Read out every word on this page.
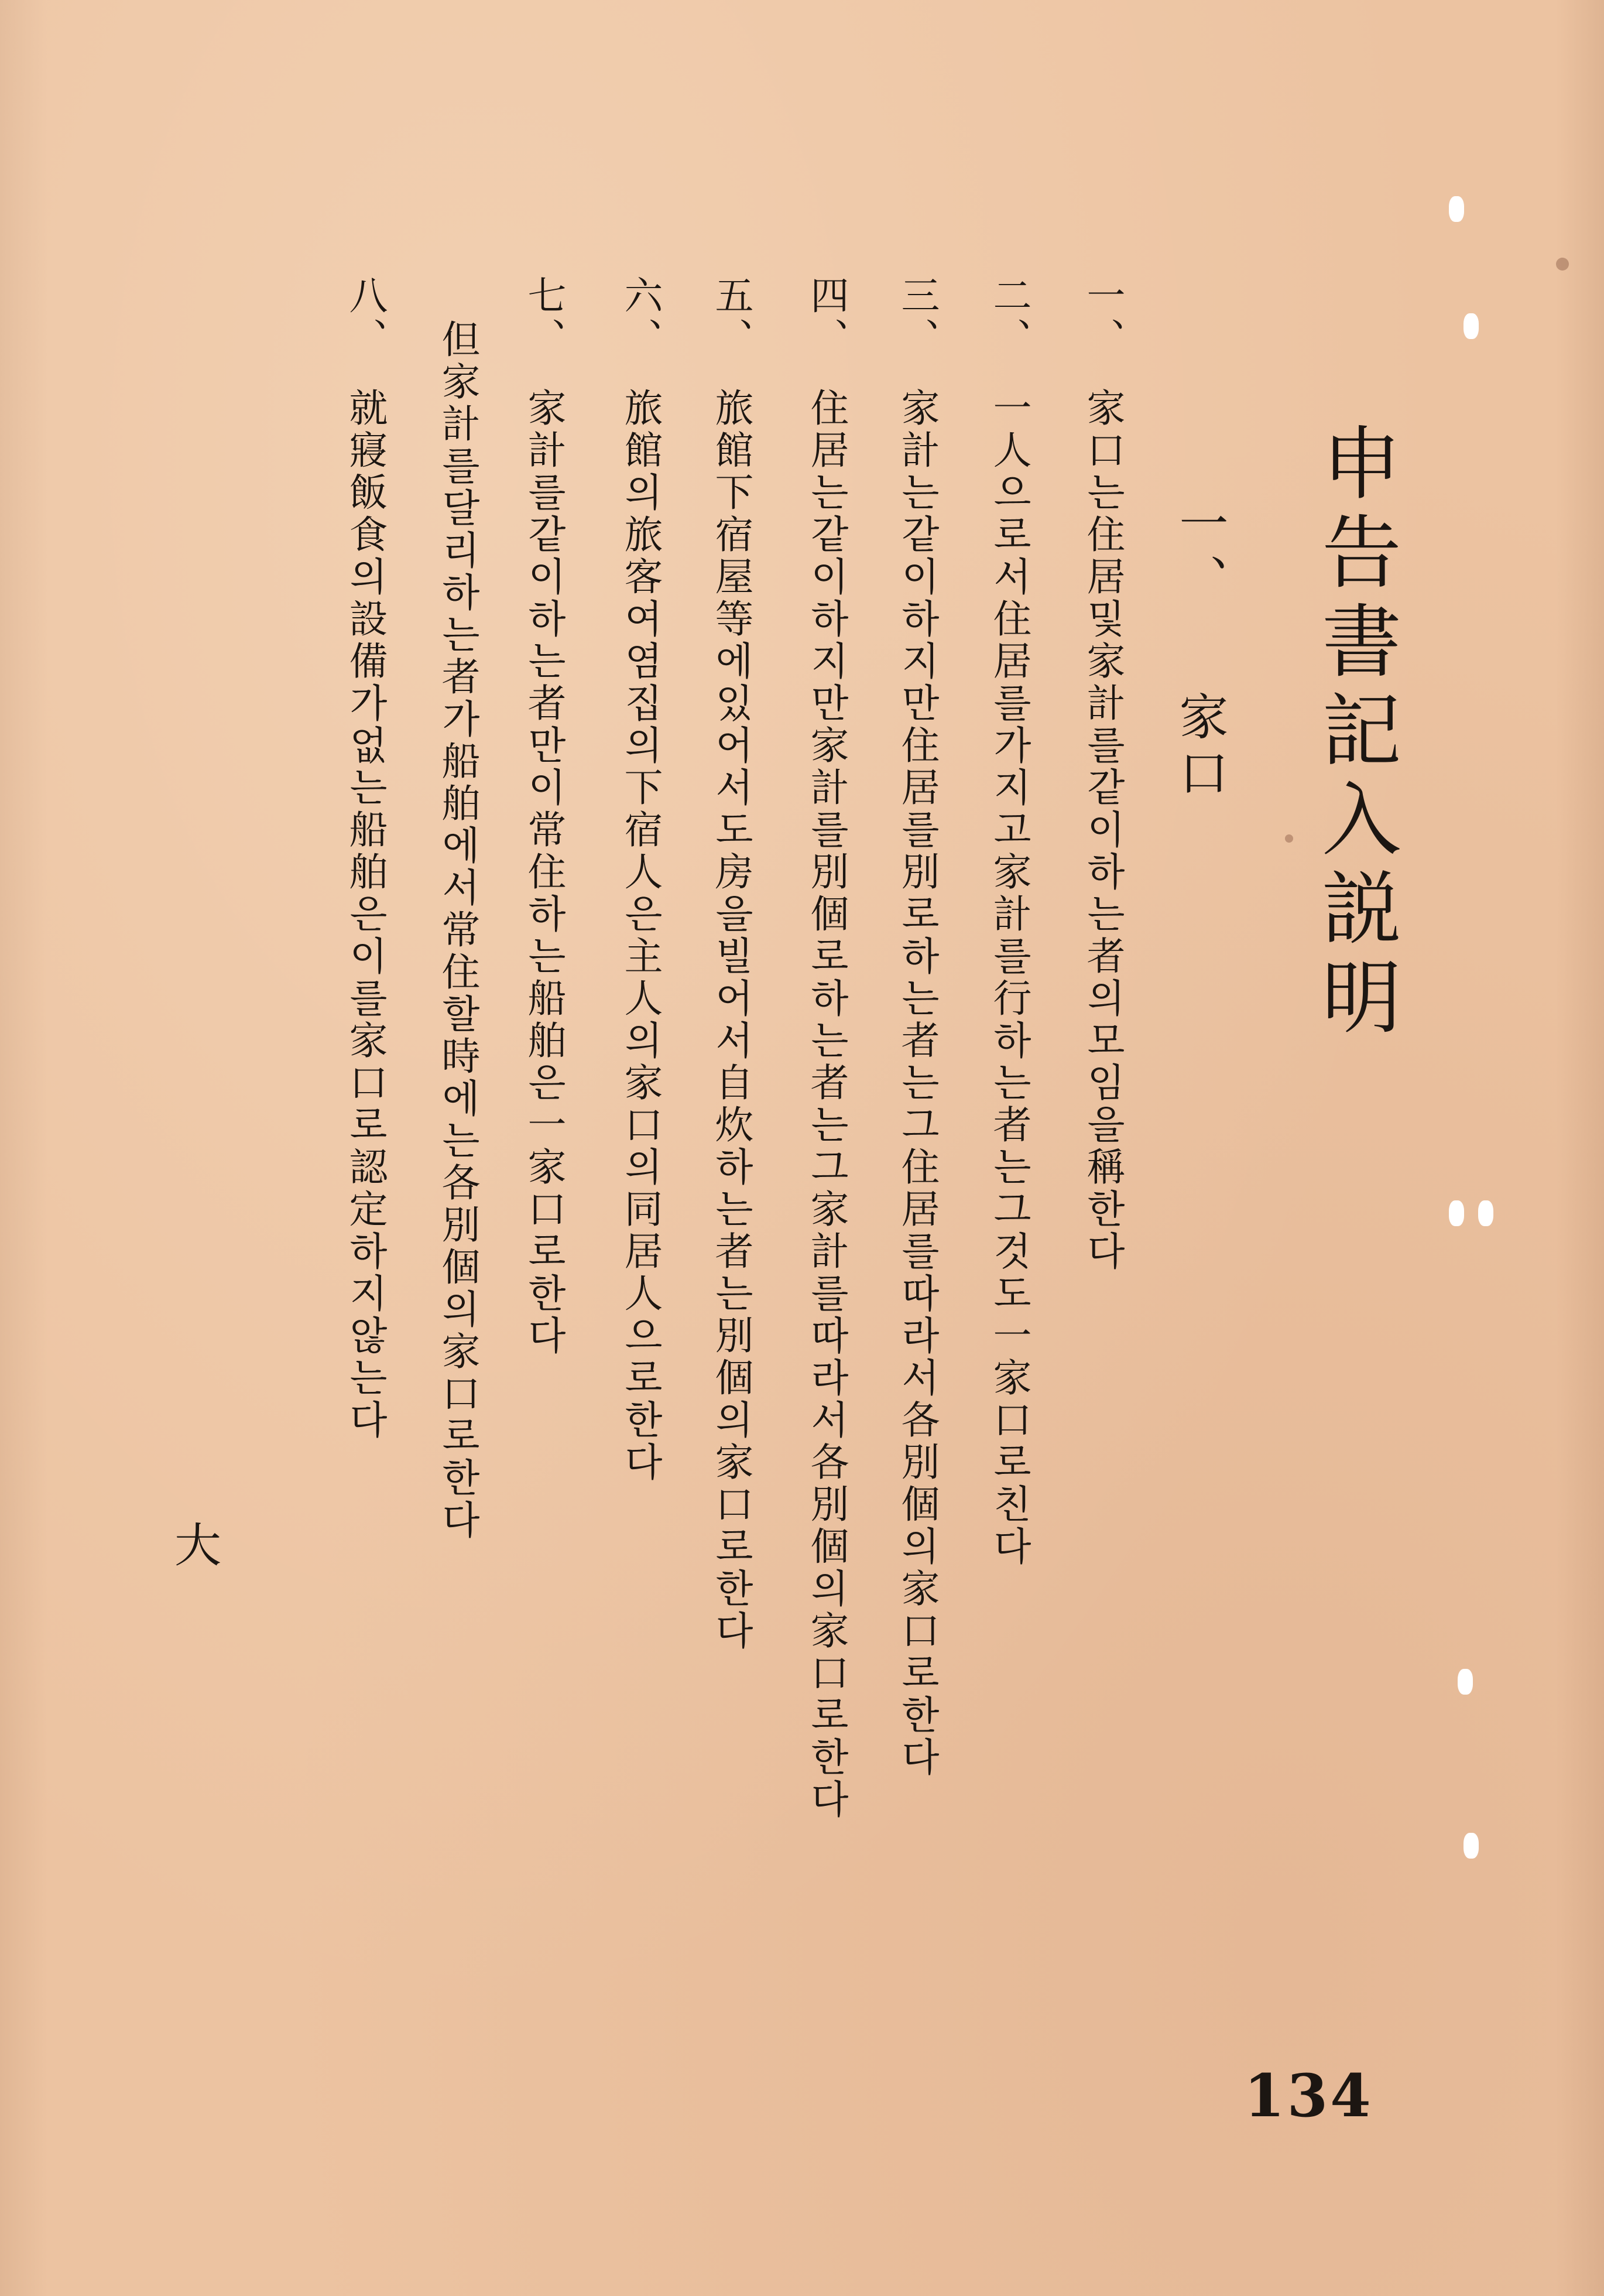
申告書記入説明
一、家口
一、家口는住居및家計를같이하는者의모임을稱한다
二、一人으로서住居를가지고家計를行하는者는그것도一家口로친다
三、家計는같이하지만住居를別로하는者는그住居를따라서各別個의家口로한다
四、住居는같이하지만家計를別個로하는者는그家計를따라서各別個의家口로한다
五、旅館下宿屋等에있어서도房을빌어서自炊하는者는別個의家口로한다
六、旅館의旅客여염집의下宿人은主人의家口의同居人으로한다
七、家計를같이하는者만이常住하는船舶은一家口로한다
但家計를달리하는者가船舶에서常住할時에는各別個의家口로한다
八、就寢飯食의設備가없는船舶은이를家口로認定하지않는다
大
134
